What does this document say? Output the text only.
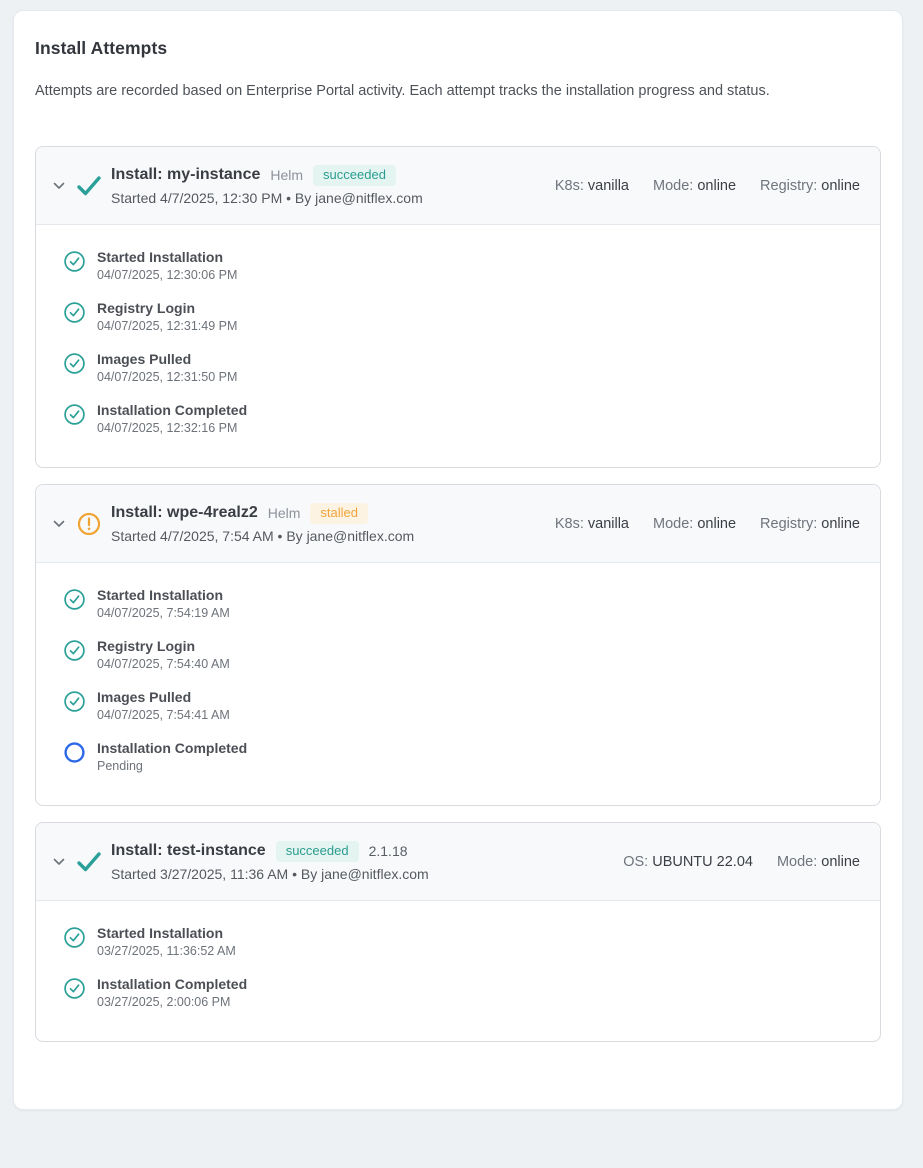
Install Attempts
Attempts are recorded based on Enterprise Portal activity. Each attempt tracks the installation progress and status.
Install: my-instance Helm	succeeded
Started 4/7/2025, 12:30 PM • By jane@nitflex.com
K8s: vanilla Mode: online Registry: online
Started Installation
04/07/2025, 12:30:06 PM
Registry Login
04/07/2025, 12:31:49 PM
Images Pulled
04/07/2025, 12:31:50 PM
Installation Completed
04/07/2025, 12:32:16 PM
Install: wpe-4realz2 Helm	stalled
Started 4/7/2025, 7:54 AM • By jane@nitflex.com
K8s: vanilla Mode: online Registry: online
Started Installation
04/07/2025, 7:54:19 AM
Registry Login
04/07/2025, 7:54:40 AM
Images Pulled
04/07/2025, 7:54:41 AM
Installation Completed
Pending
Install: test-instance	succeeded	2.1.18
Started 3/27/2025, 11:36 AM • By jane@nitflex.com
OS: UBUNTU 22.04 Mode: online
Started Installation
03/27/2025, 11:36:52 AM
Installation Completed
03/27/2025, 2:00:06 PM
